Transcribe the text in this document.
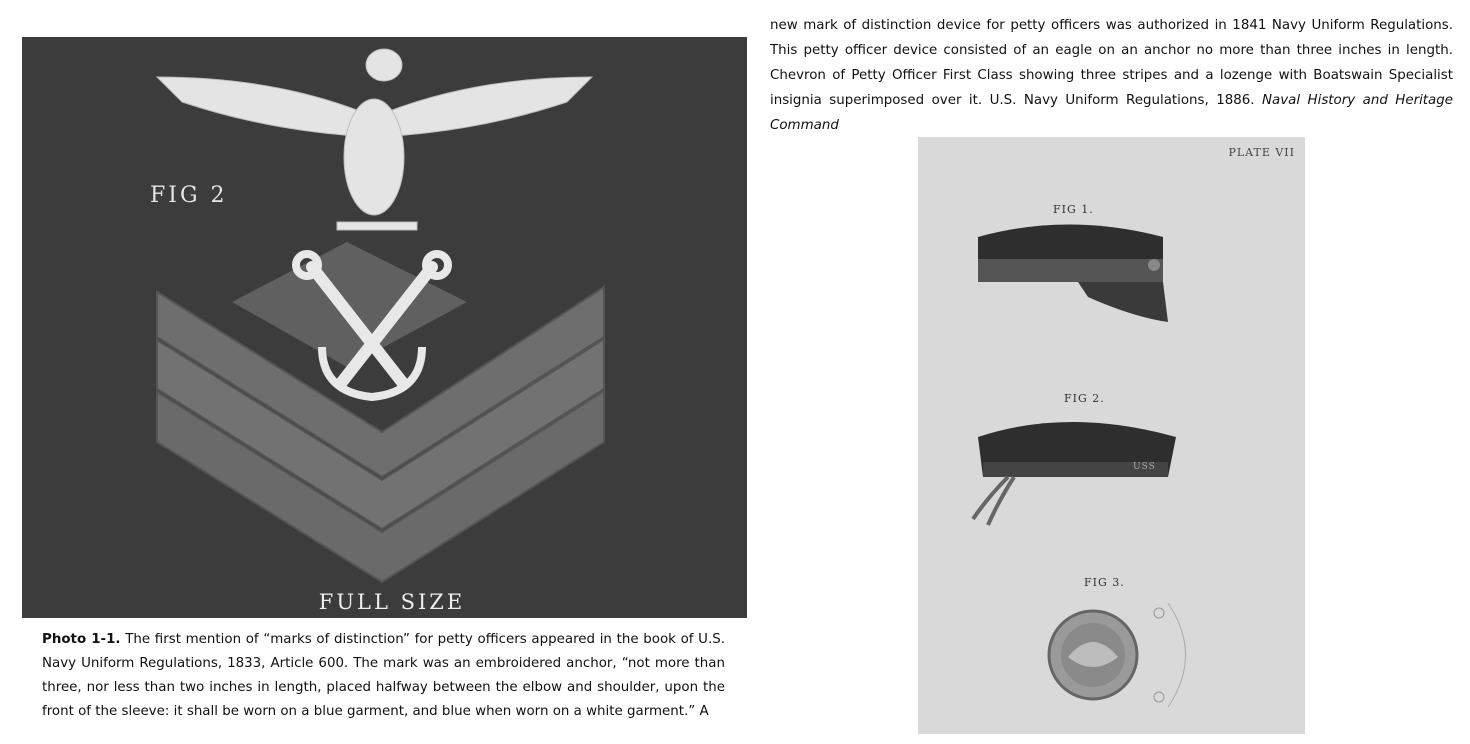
FIG 2
FULL SIZE
Photo 1-1. The first mention of “marks of distinction” for petty officers appeared in the book of U.S. Navy Uniform Regulations, 1833, Article 600. The mark was an embroidered anchor, “not more than three, nor less than two inches in length, placed halfway between the elbow and shoulder, upon the front of the sleeve: it shall be worn on a blue garment, and blue when worn on a white garment.” A
new mark of distinction device for petty officers was authorized in 1841 Navy Uniform Regulations. This petty officer device consisted of an eagle on an anchor no more than three inches in length. Chevron of Petty Officer First Class showing three stripes and a lozenge with Boatswain Specialist insignia superimposed over it. U.S. Navy Uniform Regulations, 1886. Naval History and Heritage Command
PLATE VII
FIG 1.
FIG 2.
FIG 3.
USS
